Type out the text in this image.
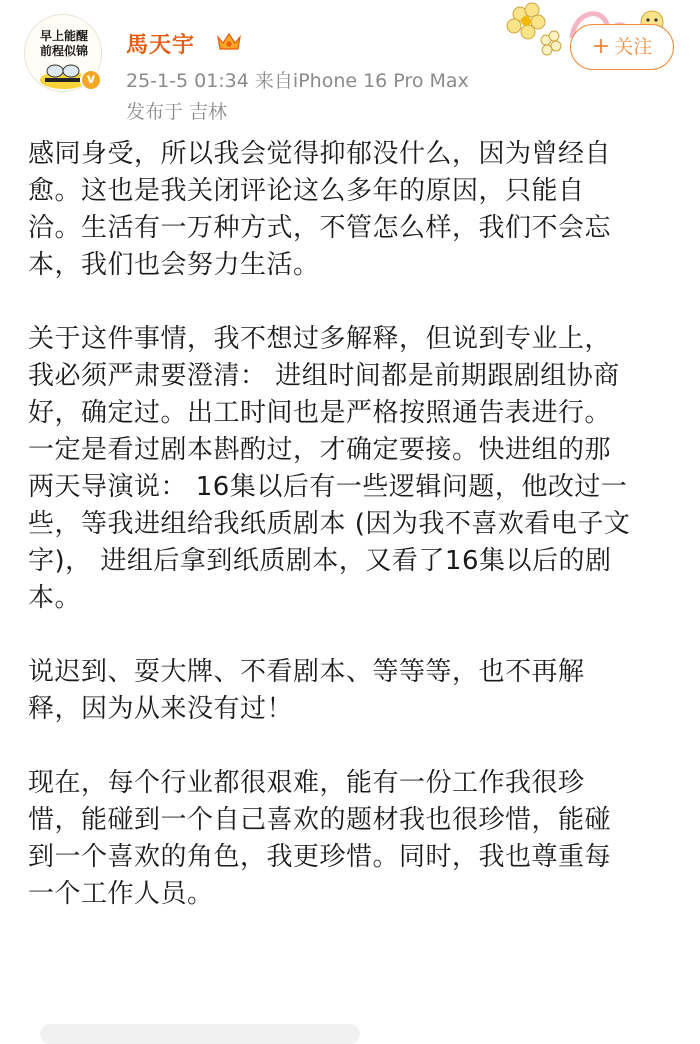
早上能醒
前程似锦
v
馬天宇
25-1-5 01:34 来自iPhone 16 Pro Max
发布于 吉林
+ 关注

感同身受，所以我会觉得抑郁没什么，因为曾经自
愈。这也是我关闭评论这么多年的原因，只能自
洽。生活有一万种方式，不管怎么样，我们不会忘
本，我们也会努力生活。

关于这件事情，我不想过多解释，但说到专业上，
我必须严肃要澄清： 进组时间都是前期跟剧组协商
好，确定过。出工时间也是严格按照通告表进行。
一定是看过剧本斟酌过，才确定要接。快进组的那
两天导演说： 16集以后有一些逻辑问题，他改过一
些，等我进组给我纸质剧本 (因为我不喜欢看电子文
字)， 进组后拿到纸质剧本，又看了16集以后的剧
本。

说迟到、耍大牌、不看剧本、等等等，也不再解
释，因为从来没有过！

现在，每个行业都很艰难，能有一份工作我很珍
惜，能碰到一个自己喜欢的题材我也很珍惜，能碰
到一个喜欢的角色，我更珍惜。同时，我也尊重每
一个工作人员。
